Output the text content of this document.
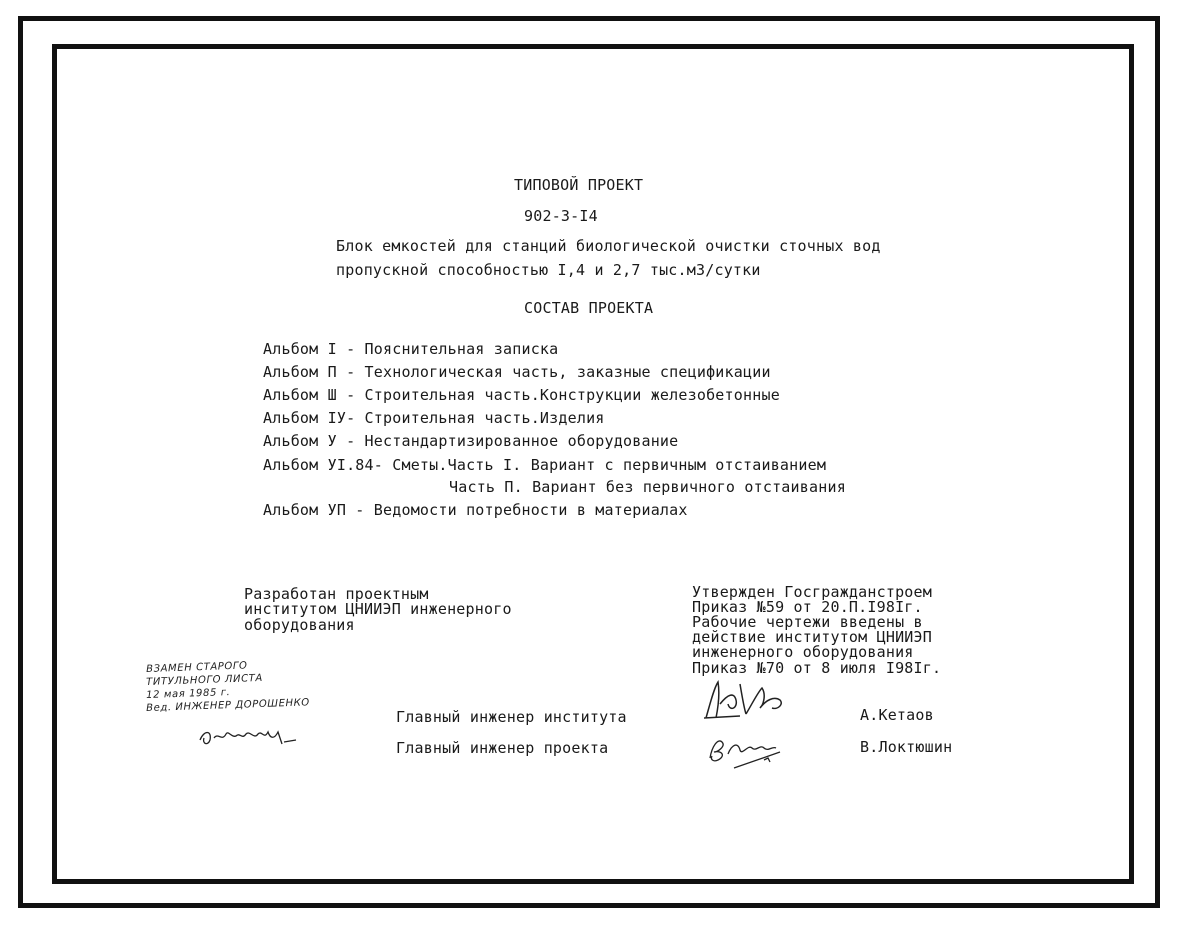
ТИПОВОЙ ПРОЕКТ
902-3-I4
Блок емкостей для станций биологической очистки сточных вод
пропускной способностью I,4 и 2,7 тыс.м3/сутки
СОСТАВ ПРОЕКТА
Альбом I - Пояснительная записка
Альбом П - Технологическая часть, заказные спецификации
Альбом Ш - Строительная часть.Конструкции железобетонные
Альбом IУ- Строительная часть.Изделия
Альбом У - Нестандартизированное оборудование
Альбом УI.84- Сметы.Часть I. Вариант с первичным отстаиванием
Часть П. Вариант без первичного отстаивания
Альбом УП - Ведомости потребности в материалах
Разработан проектным
институтом ЦНИИЭП инженерного
оборудования
Утвержден Госгражданстроем
Приказ №59 от 20.П.I98Iг.
Рабочие чертежи введены в
действие институтом ЦНИИЭП
инженерного оборудования
Приказ №70 от 8 июля I98Iг.
ВЗАМЕН СТАРОГО
ТИТУЛЬНОГО ЛИСТА
12 мая 1985 г.
Вед. ИНЖЕНЕР ДОРОШЕНКО
Главный инженер института
Главный инженер проекта
А.Кетаов
В.Локтюшин
